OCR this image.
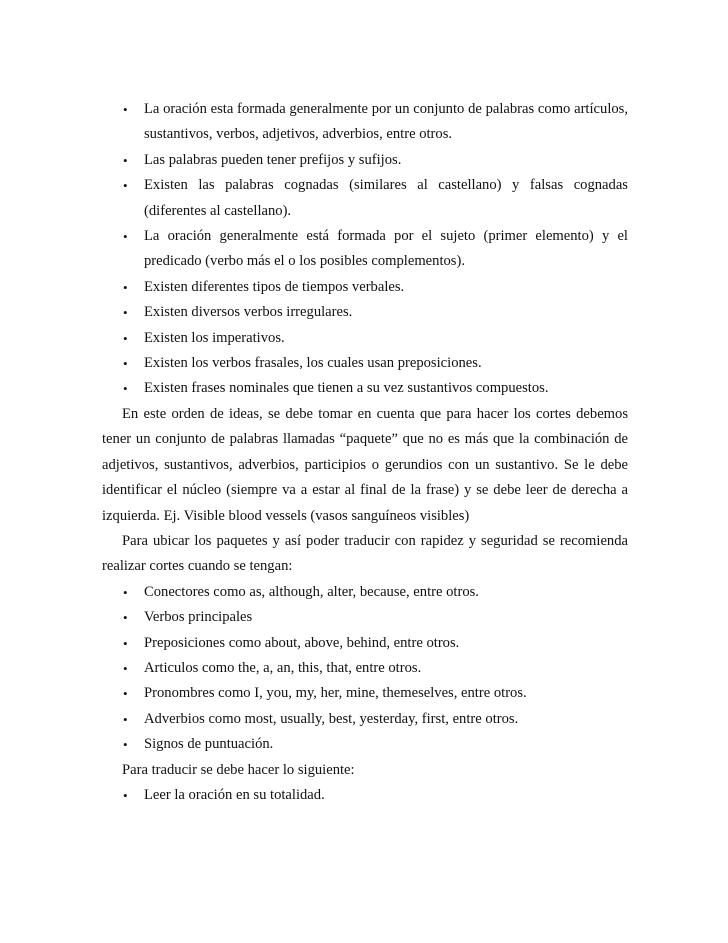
• La oración esta formada generalmente por un conjunto de palabras como artículos, sustantivos, verbos, adjetivos, adverbios, entre otros.
• Las palabras pueden tener prefijos y sufijos.
• Existen las palabras cognadas (similares al castellano) y falsas cognadas (diferentes al castellano).
• La oración generalmente está formada por el sujeto (primer elemento) y el predicado (verbo más el o los posibles complementos).
• Existen diferentes tipos de tiempos verbales.
• Existen diversos verbos irregulares.
• Existen los imperativos.
• Existen los verbos frasales, los cuales usan preposiciones.
• Existen frases nominales que tienen a su vez sustantivos compuestos.

En este orden de ideas, se debe tomar en cuenta que para hacer los cortes debemos tener un conjunto de palabras llamadas “paquete” que no es más que la combinación de adjetivos, sustantivos, adverbios, participios o gerundios con un sustantivo. Se le debe identificar el núcleo (siempre va a estar al final de la frase) y se debe leer de derecha a izquierda. Ej. Visible blood vessels (vasos sanguíneos visibles)

Para ubicar los paquetes y así poder traducir con rapidez y seguridad se recomienda realizar cortes cuando se tengan:

• Conectores como as, although, alter, because, entre otros.
• Verbos principales
• Preposiciones como about, above, behind, entre otros.
• Articulos como the, a, an, this, that, entre otros.
• Pronombres como I, you, my, her, mine, themeselves, entre otros.
• Adverbios como most, usually, best, yesterday, first, entre otros.
• Signos de puntuación.

Para traducir se debe hacer lo siguiente:

• Leer la oración en su totalidad.
